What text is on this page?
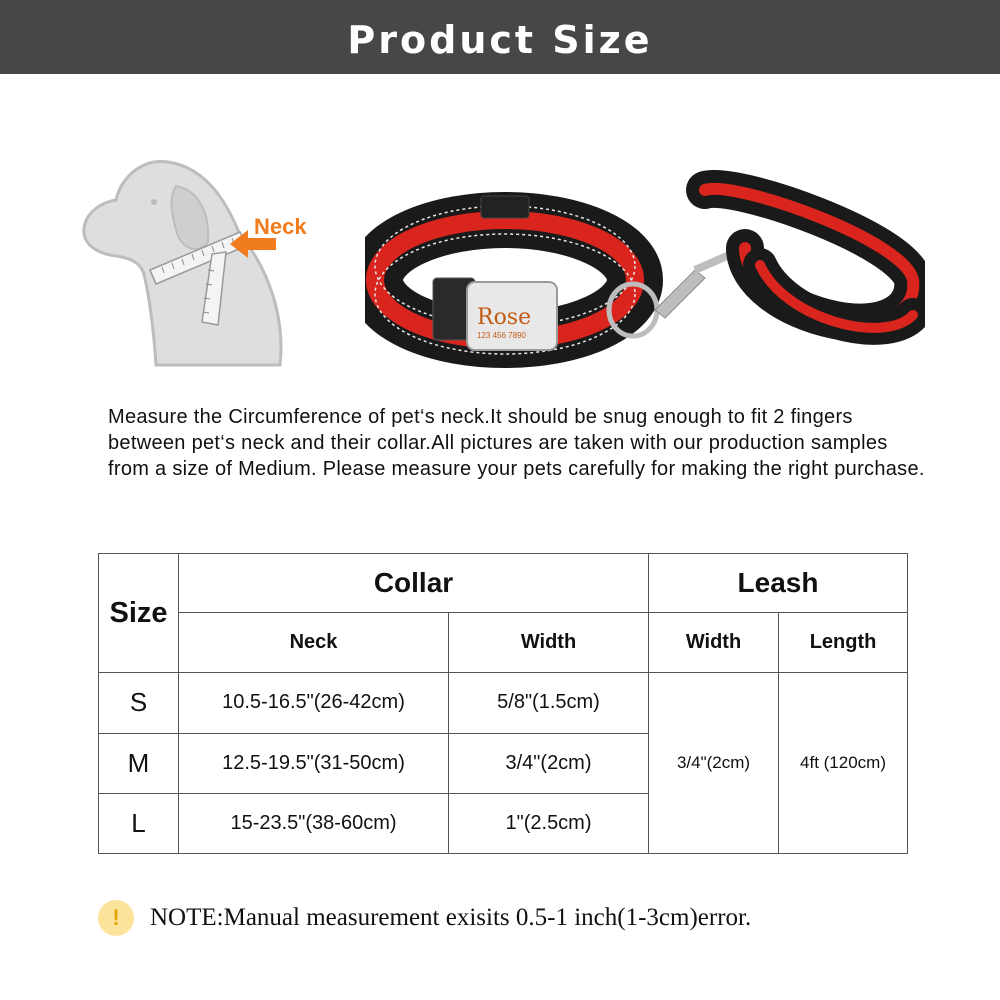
Product Size
Neck
Rose
123 456 7890
Measure the Circumference of pet‘s neck.It should be snug enough to fit 2 fingers between pet‘s neck and their collar.All pictures are taken with our production samples from a size of Medium. Please measure your pets carefully for making the right purchase.
Size	Collar		Leash	
	Neck	Width	Width	Length
S	10.5-16.5"(26-42cm)	5/8"(1.5cm)	3/4"(2cm)	4ft (120cm)
M	12.5-19.5"(31-50cm)	3/4"(2cm)		
L	15-23.5"(38-60cm)	1"(2.5cm)		
!	NOTE:Manual measurement exisits 0.5-1 inch(1-3cm)error.
